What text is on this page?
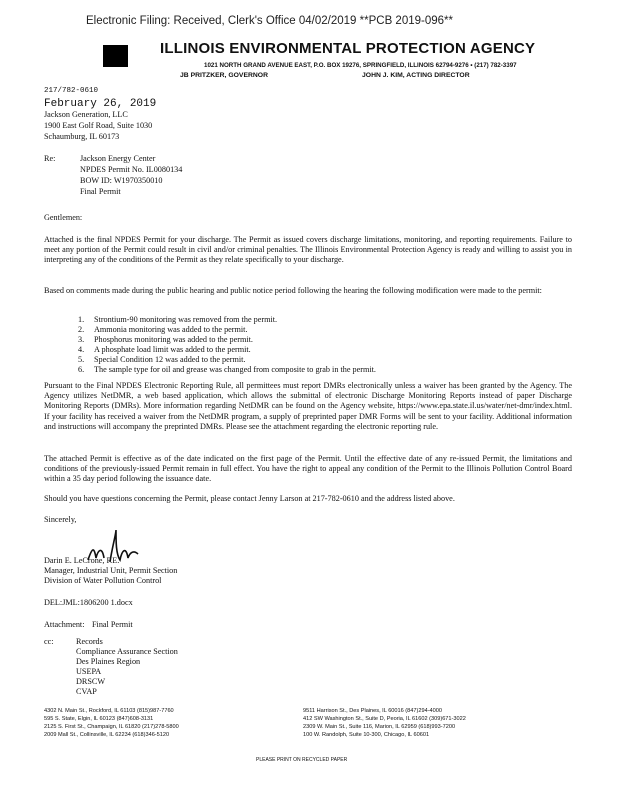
Electronic Filing: Received, Clerk's Office 04/02/2019 **PCB 2019-096**
ILLINOIS ENVIRONMENTAL PROTECTION AGENCY
1021 NORTH GRAND AVENUE EAST, P.O. BOX 19276, SPRINGFIELD, ILLINOIS 62794-9276 • (217) 782-3397
JB PRITZKER, GOVERNOR	JOHN J. KIM, ACTING DIRECTOR
217/782-0610
February 26, 2019
Jackson Generation, LLC
1900 East Golf Road, Suite 1030
Schaumburg, IL 60173
Re:	Jackson Energy Center
NPDES Permit No. IL0080134
BOW ID: W1970350010
Final Permit
Gentlemen:
Attached is the final NPDES Permit for your discharge. The Permit as issued covers discharge limitations, monitoring, and reporting requirements. Failure to meet any portion of the Permit could result in civil and/or criminal penalties. The Illinois Environmental Protection Agency is ready and willing to assist you in interpreting any of the conditions of the Permit as they relate specifically to your discharge.
Based on comments made during the public hearing and public notice period following the hearing the following modification were made to the permit:
1. Strontium-90 monitoring was removed from the permit.
2. Ammonia monitoring was added to the permit.
3. Phosphorus monitoring was added to the permit.
4. A phosphate load limit was added to the permit.
5. Special Condition 12 was added to the permit.
6. The sample type for oil and grease was changed from composite to grab in the permit.
Pursuant to the Final NPDES Electronic Reporting Rule, all permittees must report DMRs electronically unless a waiver has been granted by the Agency. The Agency utilizes NetDMR, a web based application, which allows the submittal of electronic Discharge Monitoring Reports instead of paper Discharge Monitoring Reports (DMRs). More information regarding NetDMR can be found on the Agency website, https://www.epa.state.il.us/water/net-dmr/index.html. If your facility has received a waiver from the NetDMR program, a supply of preprinted paper DMR Forms will be sent to your facility. Additional information and instructions will accompany the preprinted DMRs. Please see the attachment regarding the electronic reporting rule.
The attached Permit is effective as of the date indicated on the first page of the Permit. Until the effective date of any re-issued Permit, the limitations and conditions of the previously-issued Permit remain in full effect. You have the right to appeal any condition of the Permit to the Illinois Pollution Control Board within a 35 day period following the issuance date.
Should you have questions concerning the Permit, please contact Jenny Larson at 217-782-0610 and the address listed above.
Sincerely,
Darin E. LeCrone, P.E.
Manager, Industrial Unit, Permit Section
Division of Water Pollution Control
DEL:JML:1806200 1.docx
Attachment: Final Permit
cc:	Records
Compliance Assurance Section
Des Plaines Region
USEPA
DRSCW
CVAP
4302 N. Main St., Rockford, IL 61103 (815)987-7760
595 S. State, Elgin, IL 60123 (847)608-3131
2125 S. First St., Champaign, IL 61820 (217)278-5800
2009 Mall St., Collinsville, IL 62234 (618)346-5120
9511 Harrison St., Des Plaines, IL 60016 (847)294-4000
412 SW Washington St., Suite D, Peoria, IL 61602 (309)671-3022
2309 W. Main St., Suite 116, Marion, IL 62959 (618)993-7200
100 W. Randolph, Suite 10-300, Chicago, IL 60601
PLEASE PRINT ON RECYCLED PAPER
